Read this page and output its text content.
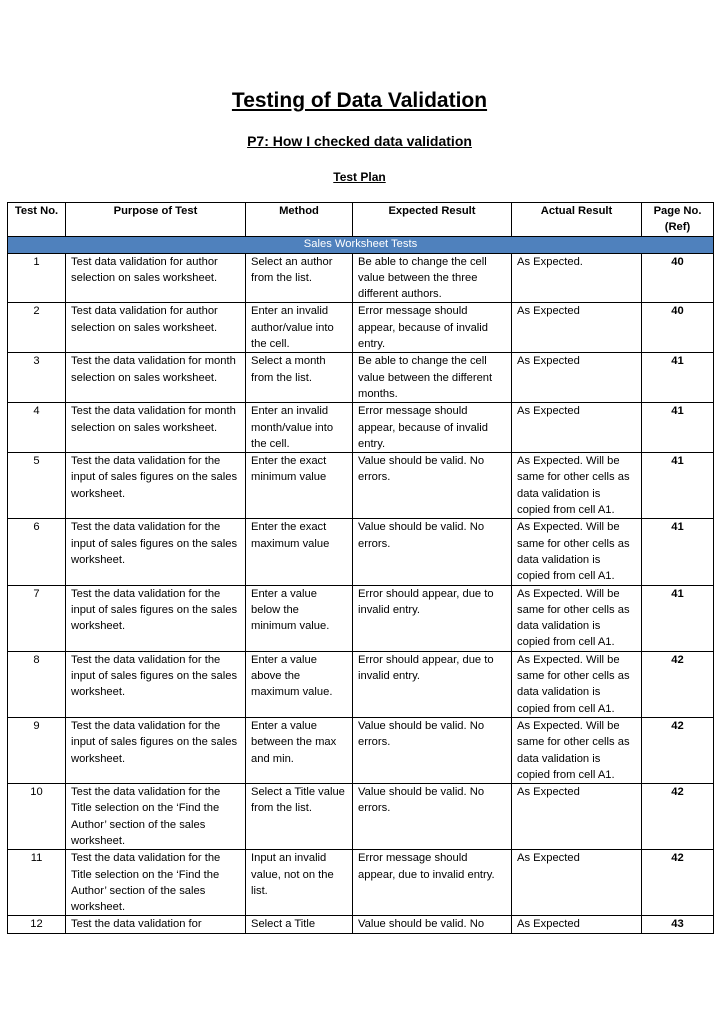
Testing of Data Validation
P7: How I checked data validation
Test Plan
Test No.	Purpose of Test	Method	Expected Result	Actual Result	Page No. (Ref)
Sales Worksheet Tests					
1	Test data validation for author selection on sales worksheet.	Select an author from the list.	Be able to change the cell value between the three different authors.	As Expected.	40
2	Test data validation for author selection on sales worksheet.	Enter an invalid author/value into the cell.	Error message should appear, because of invalid entry.	As Expected	40
3	Test the data validation for month selection on sales worksheet.	Select a month from the list.	Be able to change the cell value between the different months.	As Expected	41
4	Test the data validation for month selection on sales worksheet.	Enter an invalid month/value into the cell.	Error message should appear, because of invalid entry.	As Expected	41
5	Test the data validation for the input of sales figures on the sales worksheet.	Enter the exact minimum value	Value should be valid. No errors.	As Expected. Will be same for other cells as data validation is copied from cell A1.	41
6	Test the data validation for the input of sales figures on the sales worksheet.	Enter the exact maximum value	Value should be valid. No errors.	As Expected. Will be same for other cells as data validation is copied from cell A1.	41
7	Test the data validation for the input of sales figures on the sales worksheet.	Enter a value below the minimum value.	Error should appear, due to invalid entry.	As Expected. Will be same for other cells as data validation is copied from cell A1.	41
8	Test the data validation for the input of sales figures on the sales worksheet.	Enter a value above the maximum value.	Error should appear, due to invalid entry.	As Expected. Will be same for other cells as data validation is copied from cell A1.	42
9	Test the data validation for the input of sales figures on the sales worksheet.	Enter a value between the max and min.	Value should be valid. No errors.	As Expected. Will be same for other cells as data validation is copied from cell A1.	42
10	Test the data validation for the Title selection on the ‘Find the Author’ section of the sales worksheet.	Select a Title value from the list.	Value should be valid. No errors.	As Expected	42
11	Test the data validation for the Title selection on the ‘Find the Author’ section of the sales worksheet.	Input an invalid value, not on the list.	Error message should appear, due to invalid entry.	As Expected	42
12	Test the data validation for	Select a Title	Value should be valid. No	As Expected	43
